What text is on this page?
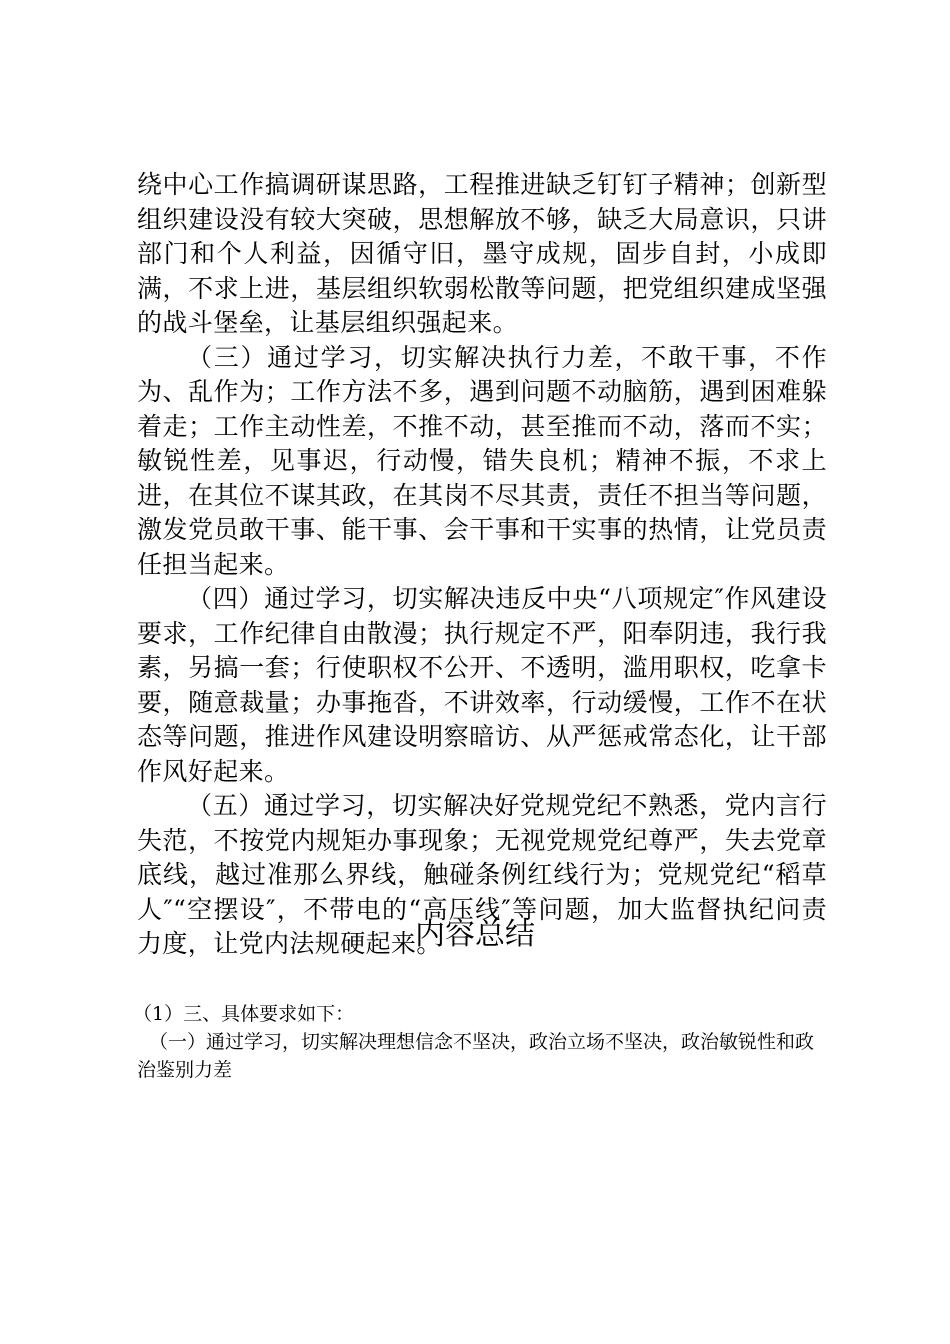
绕中心工作搞调研谋思路，工程推进缺乏钉钉子精神；创新型组织建设没有较大突破，思想解放不够，缺乏大局意识，只讲部门和个人利益，因循守旧，墨守成规，固步自封，小成即满，不求上进，基层组织软弱松散等问题，把党组织建成坚强的战斗堡垒，让基层组织强起来。

（三）通过学习，切实解决执行力差，不敢干事，不作为、乱作为；工作方法不多，遇到问题不动脑筋，遇到困难躲着走；工作主动性差，不推不动，甚至推而不动，落而不实；敏锐性差，见事迟，行动慢，错失良机；精神不振，不求上进，在其位不谋其政，在其岗不尽其责，责任不担当等问题，激发党员敢干事、能干事、会干事和干实事的热情，让党员责任担当起来。

（四）通过学习，切实解决违反中央“八项规定″作风建设要求，工作纪律自由散漫；执行规定不严，阳奉阴违，我行我素，另搞一套；行使职权不公开、不透明，滥用职权，吃拿卡要，随意裁量；办事拖沓，不讲效率，行动缓慢，工作不在状态等问题，推进作风建设明察暗访、从严惩戒常态化，让干部作风好起来。

（五）通过学习，切实解决好党规党纪不熟悉，党内言行失范，不按党内规矩办事现象；无视党规党纪尊严，失去党章底线，越过准那么界线，触碰条例红线行为；党规党纪“稻草人″“空摆设″，不带电的“高压线″等问题，加大监督执纪问责力度，让党内法规硬起来。

内容总结

（1）三、具体要求如下：

（一）通过学习，切实解决理想信念不坚决，政治立场不坚决，政治敏锐性和政治鉴别力差
